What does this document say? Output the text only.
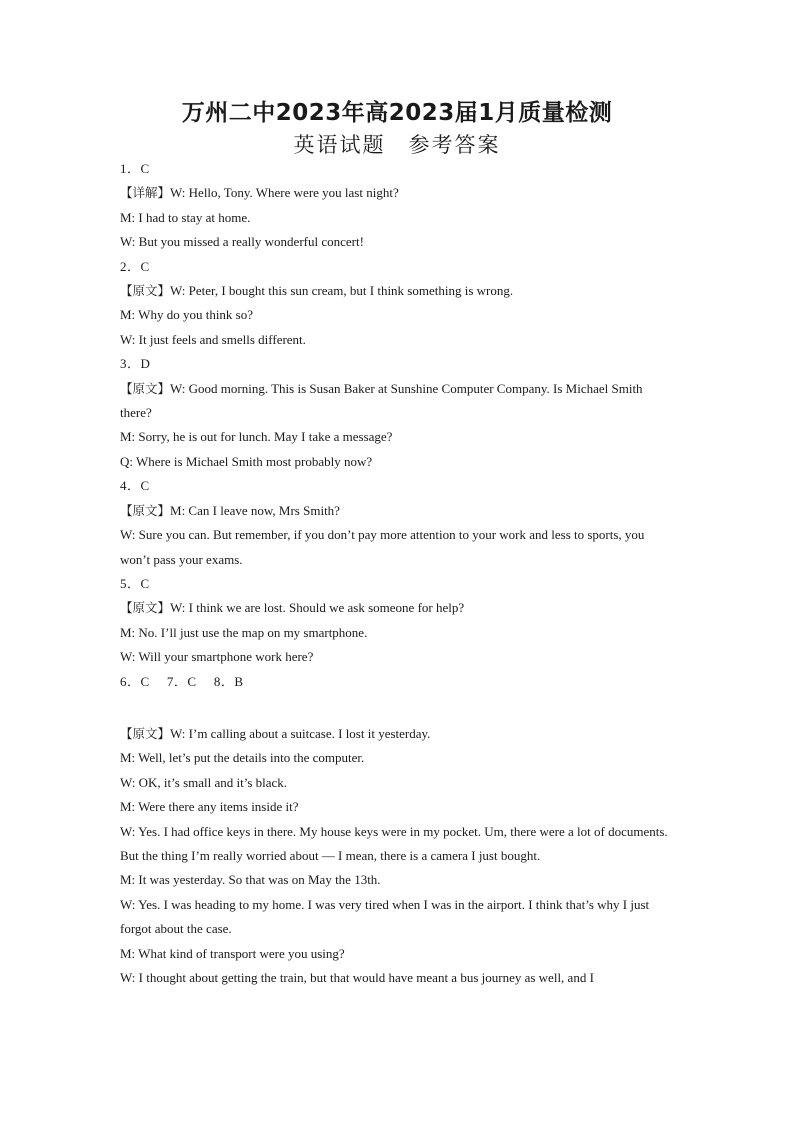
万州二中2023年高2023届1月质量检测
英语试题　参考答案
1．C
【详解】W: Hello, Tony. Where were you last night?
M: I had to stay at home.
W: But you missed a really wonderful concert!
2．C
【原文】W: Peter, I bought this sun cream, but I think something is wrong.
M: Why do you think so?
W: It just feels and smells different.
3．D
【原文】W: Good morning. This is Susan Baker at Sunshine Computer Company. Is Michael Smith there?
M: Sorry, he is out for lunch. May I take a message?
Q: Where is Michael Smith most probably now?
4．C
【原文】M: Can I leave now, Mrs Smith?
W: Sure you can. But remember, if you don’t pay more attention to your work and less to sports, you won’t pass your exams.
5．C
【原文】W: I think we are lost. Should we ask someone for help?
M: No. I’ll just use the map on my smartphone.
W: Will your smartphone work here?
6．C　 7．C　 8．B
【原文】W: I’m calling about a suitcase. I lost it yesterday.
M: Well, let’s put the details into the computer.
W: OK, it’s small and it’s black.
M: Were there any items inside it?
W: Yes. I had office keys in there. My house keys were in my pocket. Um, there were a lot of documents. But the thing I’m really worried about — I mean, there is a camera I just bought.
M: It was yesterday. So that was on May the 13th.
W: Yes. I was heading to my home. I was very tired when I was in the airport. I think that’s why I just forgot about the case.
M: What kind of transport were you using?
W: I thought about getting the train, but that would have meant a bus journey as well, and I
